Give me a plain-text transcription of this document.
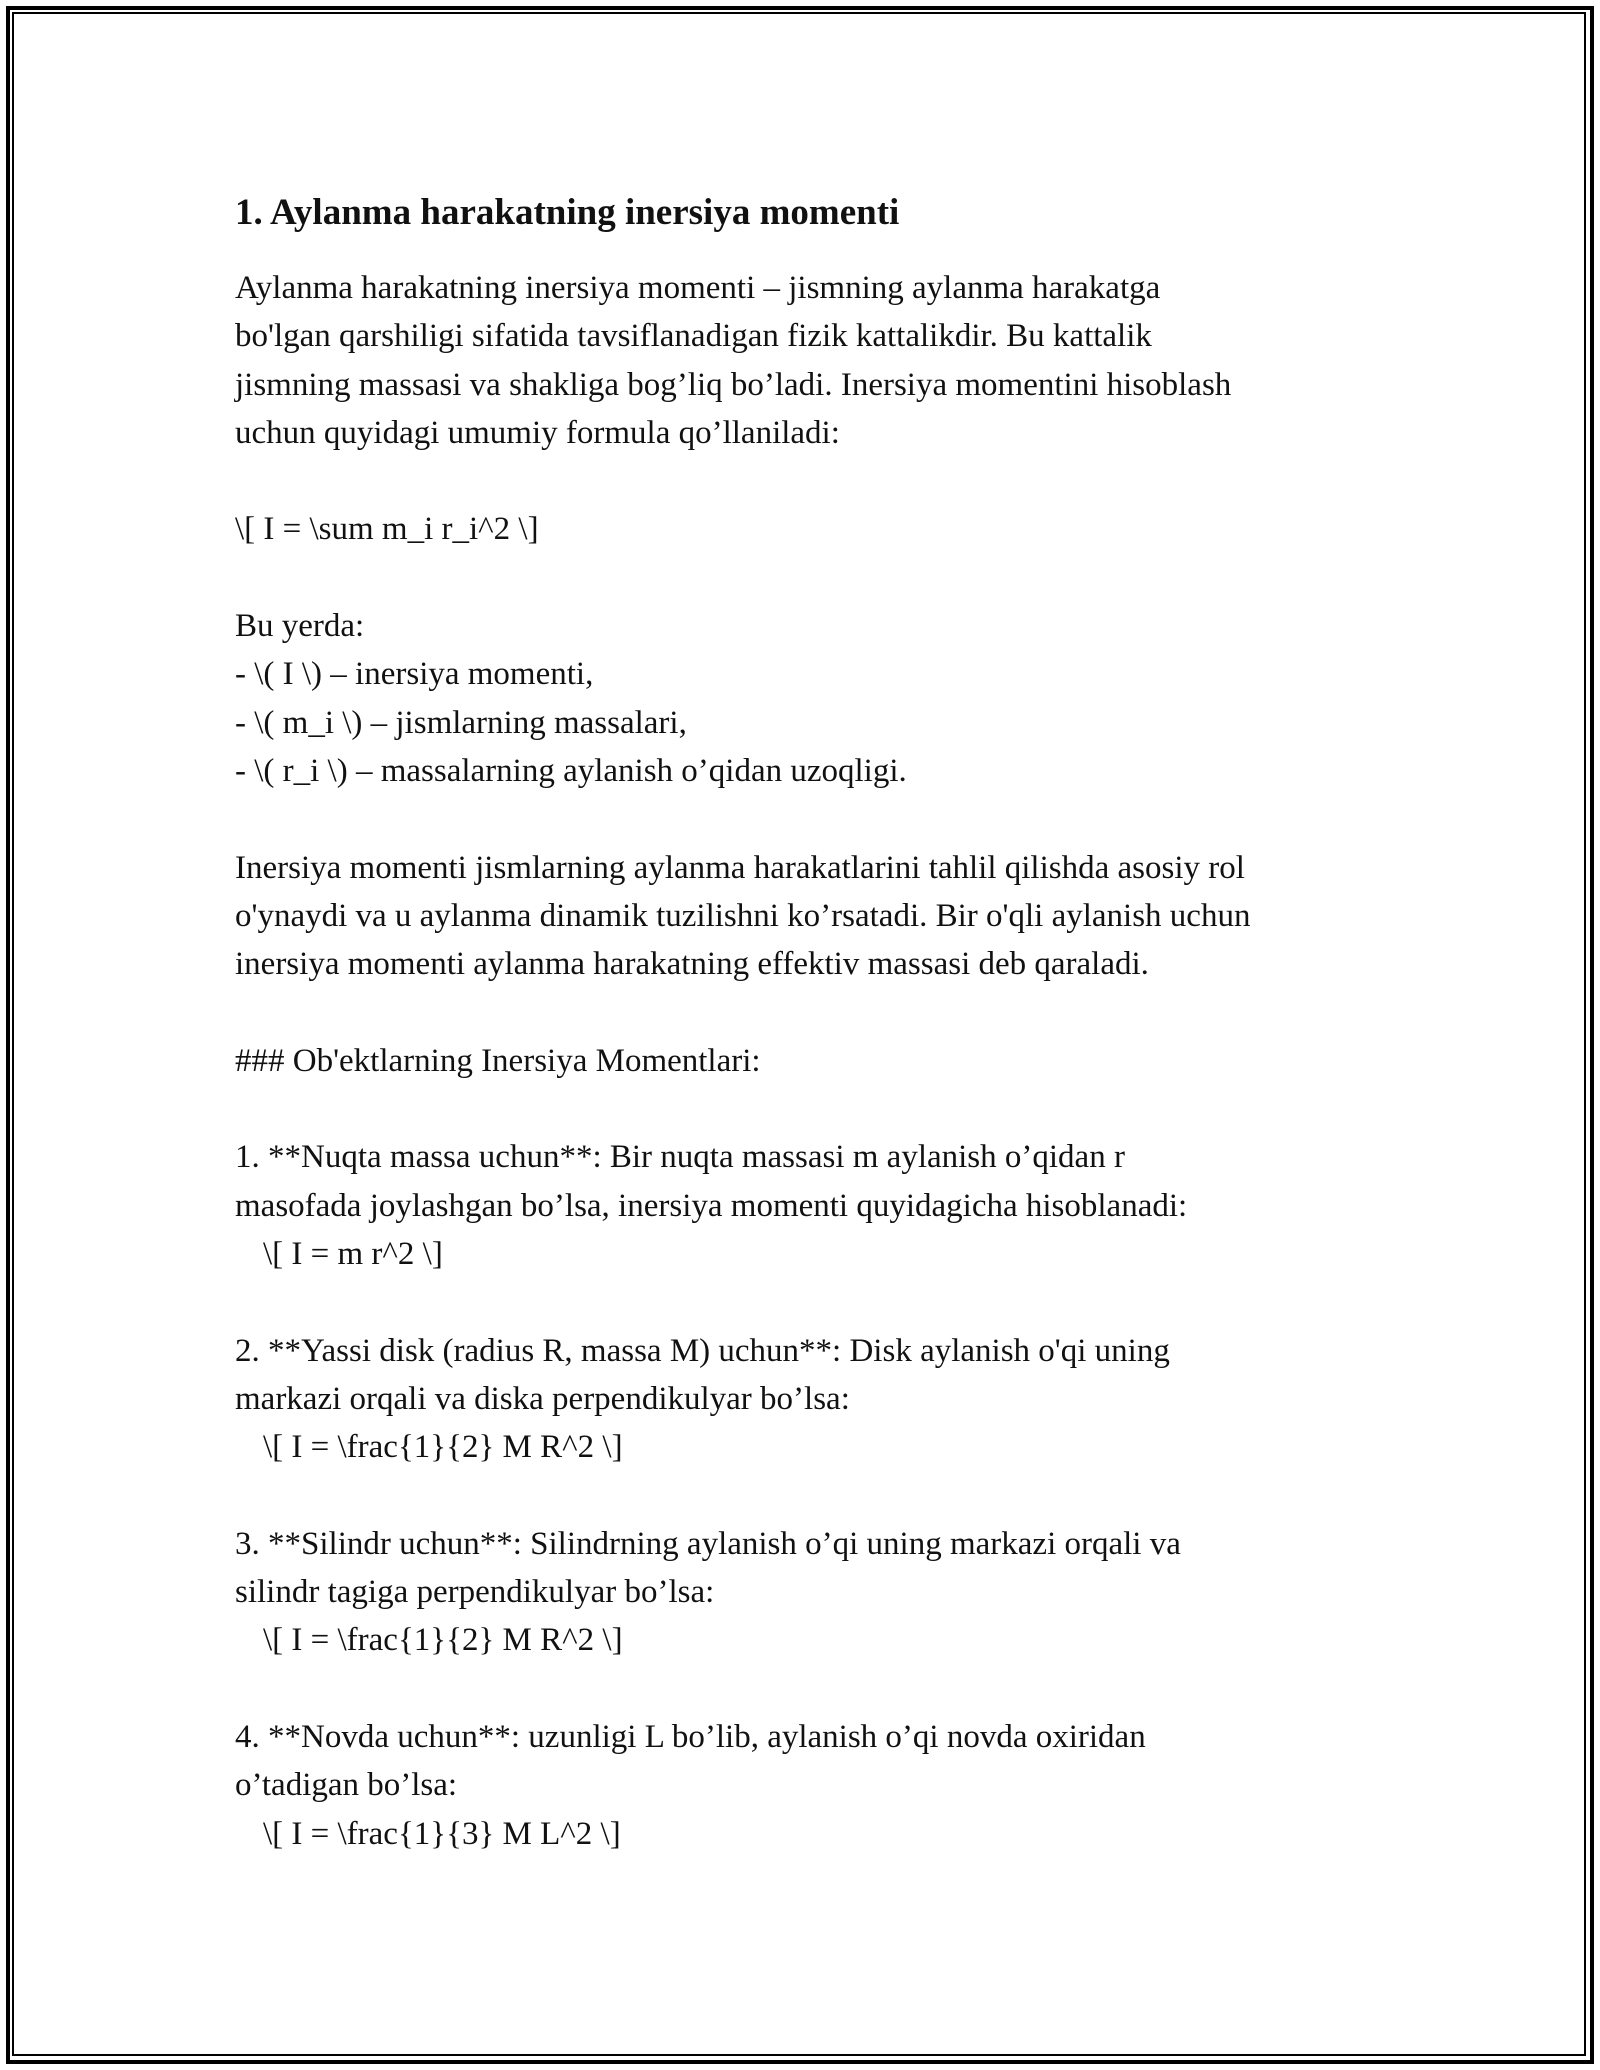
1. Aylanma harakatning inersiya momenti
Aylanma harakatning inersiya momenti – jismning aylanma harakatga
bo'lgan qarshiligi sifatida tavsiflanadigan fizik kattalikdir. Bu kattalik
jismning massasi va shakliga bog’liq bo’ladi. Inersiya momentini hisoblash
uchun quyidagi umumiy formula qo’llaniladi:
\[ I = \sum m_i r_i^2 \]
Bu yerda:
- \( I \) – inersiya momenti,
- \( m_i \) – jismlarning massalari,
- \( r_i \) – massalarning aylanish o’qidan uzoqligi.
Inersiya momenti jismlarning aylanma harakatlarini tahlil qilishda asosiy rol
o'ynaydi va u aylanma dinamik tuzilishni ko’rsatadi. Bir o'qli aylanish uchun
inersiya momenti aylanma harakatning effektiv massasi deb qaraladi.
### Ob'ektlarning Inersiya Momentlari:
1. **Nuqta massa uchun**: Bir nuqta massasi m aylanish o’qidan r
masofada joylashgan bo’lsa, inersiya momenti quyidagicha hisoblanadi:
\[ I = m r^2 \]
2. **Yassi disk (radius R, massa M) uchun**: Disk aylanish o'qi uning
markazi orqali va diska perpendikulyar bo’lsa:
\[ I = \frac{1}{2} M R^2 \]
3. **Silindr uchun**: Silindrning aylanish o’qi uning markazi orqali va
silindr tagiga perpendikulyar bo’lsa:
\[ I = \frac{1}{2} M R^2 \]
4. **Novda uchun**: uzunligi L bo’lib, aylanish o’qi novda oxiridan
o’tadigan bo’lsa:
\[ I = \frac{1}{3} M L^2 \]
